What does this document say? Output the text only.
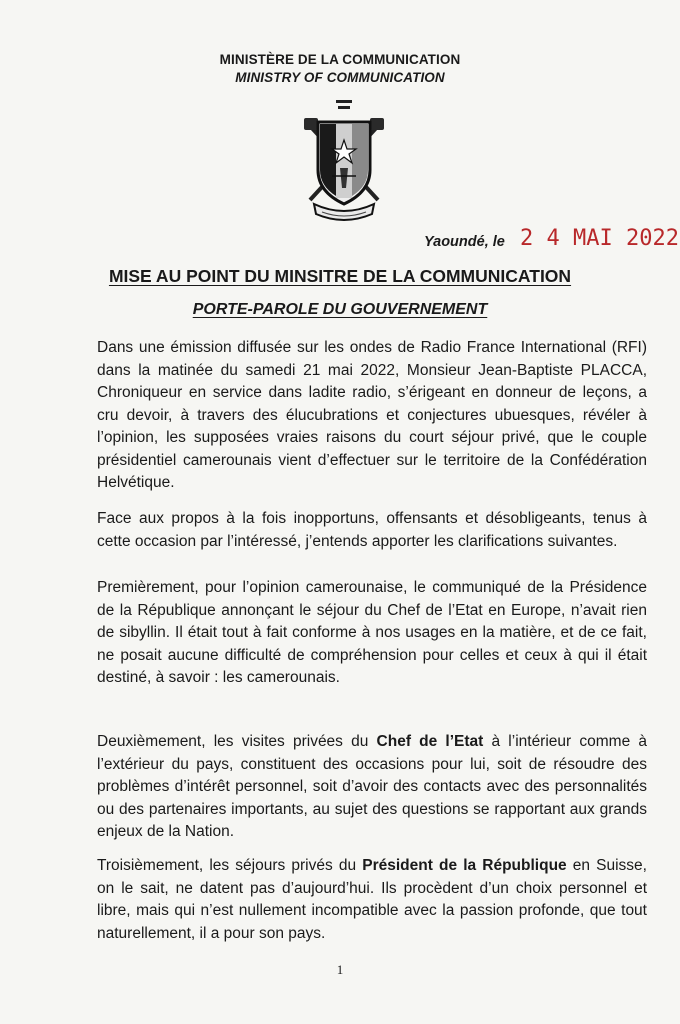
MINISTÈRE DE LA COMMUNICATION
MINISTRY OF COMMUNICATION
Yaoundé, le 2 4 MAI 2022
MISE AU POINT DU MINSITRE DE LA COMMUNICATION
PORTE-PAROLE DU GOUVERNEMENT

Dans une émission diffusée sur les ondes de Radio France International (RFI) dans la matinée du samedi 21 mai 2022, Monsieur Jean-Baptiste PLACCA, Chroniqueur en service dans ladite radio, s’érigeant en donneur de leçons, a cru devoir, à travers des élucubrations et conjectures ubuesques, révéler à l’opinion, les supposées vraies raisons du court séjour privé, que le couple présidentiel camerounais vient d’effectuer sur le territoire de la Confédération Helvétique.

Face aux propos à la fois inopportuns, offensants et désobligeants, tenus à cette occasion par l’intéressé, j’entends apporter les clarifications suivantes.

Premièrement, pour l’opinion camerounaise, le communiqué de la Présidence de la République annonçant le séjour du Chef de l’Etat en Europe, n’avait rien de sibyllin. Il était tout à fait conforme à nos usages en la matière, et de ce fait, ne posait aucune difficulté de compréhension pour celles et ceux à qui il était destiné, à savoir : les camerounais.

Deuxièmement, les visites privées du Chef de l’Etat à l’intérieur comme à l’extérieur du pays, constituent des occasions pour lui, soit de résoudre des problèmes d’intérêt personnel, soit d’avoir des contacts avec des personnalités ou des partenaires importants, au sujet des questions se rapportant aux grands enjeux de la Nation.

Troisièmement, les séjours privés du Président de la République en Suisse, on le sait, ne datent pas d’aujourd’hui. Ils procèdent d’un choix personnel et libre, mais qui n’est nullement incompatible avec la passion profonde, que tout naturellement, il a pour son pays.

1
